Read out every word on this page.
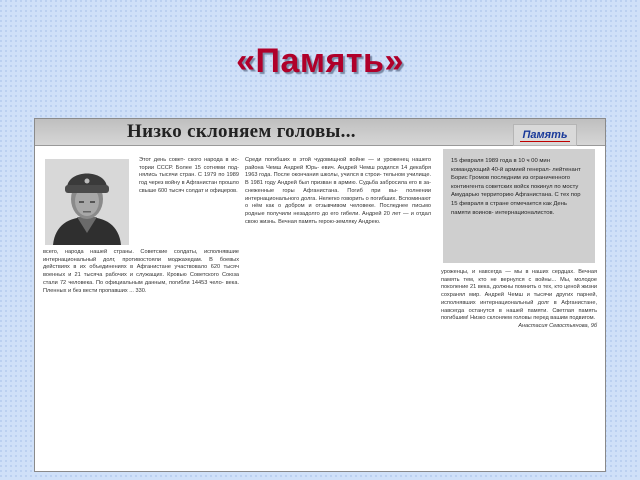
«Память»
Низко склоняем головы...	Память

Этот день совет- ского народа в ис- тории СССР. Более 15 сотнями под- нялись тысячи стран. С 1979 по 1989 год через войну в Афганистан прошло свыше 600 тысяч солдат и офицеров.

всего, народа нашей страны. Советские солдаты, исполнявшие интернациональный долг, противостояли моджахедам. В боевых действиях в их объединениях в Афганистане участвовало 620 тысяч военных и 21 тысяча рабочих и служащих. Кровью Советского Союза стали 72 человека. По официальным данным, погибли 14453 чело- века. Пленных и без вести пропавших ... 330.

Среди погибших в этой чудовищной войне — и уроженец нашего района Чемш Андрей Юрь- евич. Андрей Чемш родился 14 декабря 1963 года. После окончания школы, учился в строи- тельном училище. В 1981 году Андрей был призван в армию. Судьба забросила его в за- снеженные горы Афганистана. Погиб при вы- полнении интернационального долга. Нелегко говорить о погибших. Вспоминают о нём как о добром и отзывчивом человеке. Последнее письмо родные получили незадолго до его гибели. Андрей 20 лет — и отдал свою жизнь. Вечная память герою-земляку Андрею.

15 февраля 1989 года в 10 ч 00 мин командующий 40-й армией генерал- лейтенант Борис Громов последним из ограниченного контингента советских войск покинул по мосту Амударью территорию Афганистана. С тех пор 15 февраля в стране отмечается как День памяти воинов- интернационалистов.

уроженцы, и навсегда — мы в наших сердцах. Вечная память тем, кто не вернулся с войны... Мы, молодое поколение 21 века, должны помнить о тех, кто ценой жизни сохранял мир. Андрей Чемш и тысячи других парней, исполнявших интернациональный долг в Афганистане, навсегда останутся в нашей памяти. Светлая память погибшим! Низко склоняем головы перед вашим подвигом.

Анастасия Севостьянова, 9б
